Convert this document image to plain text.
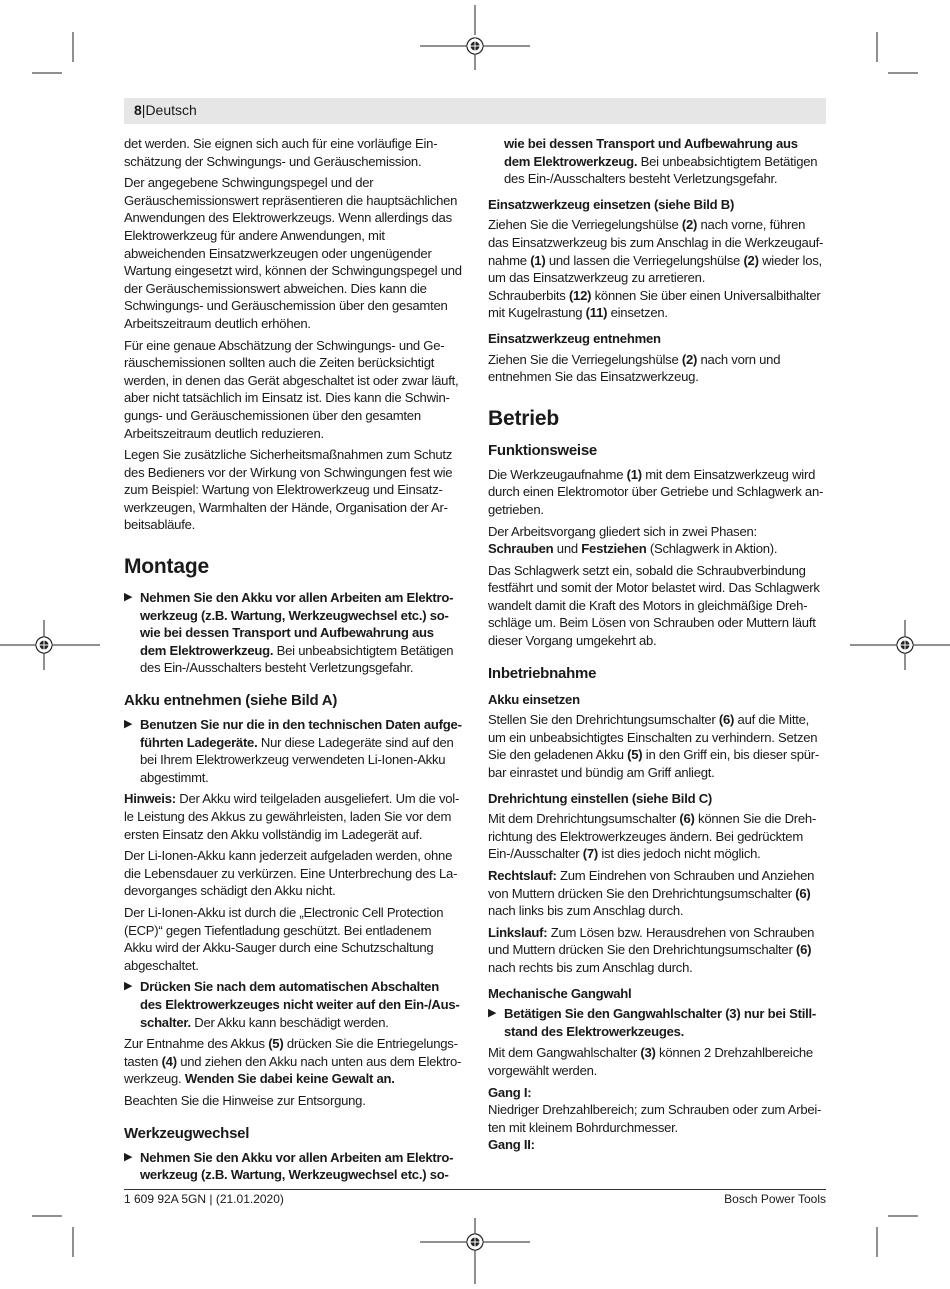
8|Deutsch

det werden. Sie eignen sich auch für eine vorläufige Einschätzung der Schwingungs- und Geräuschemission.

Der angegebene Schwingungspegel und der Geräuschemissionswert repräsentieren die hauptsächlichen Anwendungen des Elektrowerkzeugs. Wenn allerdings das Elektrowerkzeug für andere Anwendungen, mit abweichenden Einsatzwerkzeugen oder ungenügender Wartung eingesetzt wird, können der Schwingungspegel und der Geräuschemissionswert abweichen. Dies kann die Schwingungs- und Geräuschemission über den gesamten Arbeitszeitraum deutlich erhöhen.

Für eine genaue Abschätzung der Schwingungs- und Geräuschemissionen sollten auch die Zeiten berücksichtigt werden, in denen das Gerät abgeschaltet ist oder zwar läuft, aber nicht tatsächlich im Einsatz ist. Dies kann die Schwingungs- und Geräuschemissionen über den gesamten Arbeitszeitraum deutlich reduzieren.

Legen Sie zusätzliche Sicherheitsmaßnahmen zum Schutz des Bedieners vor der Wirkung von Schwingungen fest wie zum Beispiel: Wartung von Elektrowerkzeug und Einsatzwerkzeugen, Warmhalten der Hände, Organisation der Arbeitsabläufe.

Montage
▶ Nehmen Sie den Akku vor allen Arbeiten am Elektrowerkzeug (z.B. Wartung, Werkzeugwechsel etc.) sowie bei dessen Transport und Aufbewahrung aus dem Elektrowerkzeug. Bei unbeabsichtigtem Betätigen des Ein-/Ausschalters besteht Verletzungsgefahr.
Akku entnehmen (siehe Bild A)
▶ Benutzen Sie nur die in den technischen Daten aufgeführten Ladegeräte. Nur diese Ladegeräte sind auf den bei Ihrem Elektrowerkzeug verwendeten Li-Ionen-Akku abgestimmt.

Hinweis: Der Akku wird teilgeladen ausgeliefert. Um die volle Leistung des Akkus zu gewährleisten, laden Sie vor dem ersten Einsatz den Akku vollständig im Ladegerät auf.

Der Li-Ionen-Akku kann jederzeit aufgeladen werden, ohne die Lebensdauer zu verkürzen. Eine Unterbrechung des Ladevorganges schädigt den Akku nicht.

Der Li-Ionen-Akku ist durch die „Electronic Cell Protection (ECP)“ gegen Tiefentladung geschützt. Bei entladenem Akku wird der Akku-Sauger durch eine Schutzschaltung abgeschaltet.

▶ Drücken Sie nach dem automatischen Abschalten des Elektrowerkzeuges nicht weiter auf den Ein-/Ausschalter. Der Akku kann beschädigt werden.

Zur Entnahme des Akkus (5) drücken Sie die Entriegelungstasten (4) und ziehen den Akku nach unten aus dem Elektrowerkzeug. Wenden Sie dabei keine Gewalt an.

Beachten Sie die Hinweise zur Entsorgung.

Werkzeugwechsel
▶ Nehmen Sie den Akku vor allen Arbeiten am Elektrowerkzeug (z.B. Wartung, Werkzeugwechsel etc.) so-

wie bei dessen Transport und Aufbewahrung aus dem Elektrowerkzeug. Bei unbeabsichtigtem Betätigen des Ein-/Ausschalters besteht Verletzungsgefahr.

Einsatzwerkzeug einsetzen (siehe Bild B)

Ziehen Sie die Verriegelungshülse (2) nach vorne, führen das Einsatzwerkzeug bis zum Anschlag in die Werkzeugaufnahme (1) und lassen die Verriegelungshülse (2) wieder los, um das Einsatzwerkzeug zu arretieren.

Schrauberbits (12) können Sie über einen Universalbithalter mit Kugelrastung (11) einsetzen.

Einsatzwerkzeug entnehmen

Ziehen Sie die Verriegelungshülse (2) nach vorn und entnehmen Sie das Einsatzwerkzeug.

Betrieb
Funktionsweise

Die Werkzeugaufnahme (1) mit dem Einsatzwerkzeug wird durch einen Elektromotor über Getriebe und Schlagwerk angetrieben.

Der Arbeitsvorgang gliedert sich in zwei Phasen:

Schrauben und Festziehen (Schlagwerk in Aktion).

Das Schlagwerk setzt ein, sobald die Schraubverbindung festfährt und somit der Motor belastet wird. Das Schlagwerk wandelt damit die Kraft des Motors in gleichmäßige Drehschläge um. Beim Lösen von Schrauben oder Muttern läuft dieser Vorgang umgekehrt ab.

Inbetriebnahme
Akku einsetzen

Stellen Sie den Drehrichtungsumschalter (6) auf die Mitte, um ein unbeabsichtigtes Einschalten zu verhindern. Setzen Sie den geladenen Akku (5) in den Griff ein, bis dieser spürbar einrastet und bündig am Griff anliegt.

Drehrichtung einstellen (siehe Bild C)

Mit dem Drehrichtungsumschalter (6) können Sie die Drehrichtung des Elektrowerkzeuges ändern. Bei gedrücktem Ein-/Ausschalter (7) ist dies jedoch nicht möglich.

Rechtslauf: Zum Eindrehen von Schrauben und Anziehen von Muttern drücken Sie den Drehrichtungsumschalter (6) nach links bis zum Anschlag durch.

Linkslauf: Zum Lösen bzw. Herausdrehen von Schrauben und Muttern drücken Sie den Drehrichtungsumschalter (6) nach rechts bis zum Anschlag durch.

Mechanische Gangwahl
▶ Betätigen Sie den Gangwahlschalter (3) nur bei Stillstand des Elektrowerkzeuges.

Mit dem Gangwahlschalter (3) können 2 Drehzahlbereiche vorgewählt werden.

Gang I:

Niedriger Drehzahlbereich; zum Schrauben oder zum Arbeiten mit kleinem Bohrdurchmesser.

Gang II:

1 609 92A 5GN | (21.01.2020)	Bosch Power Tools
